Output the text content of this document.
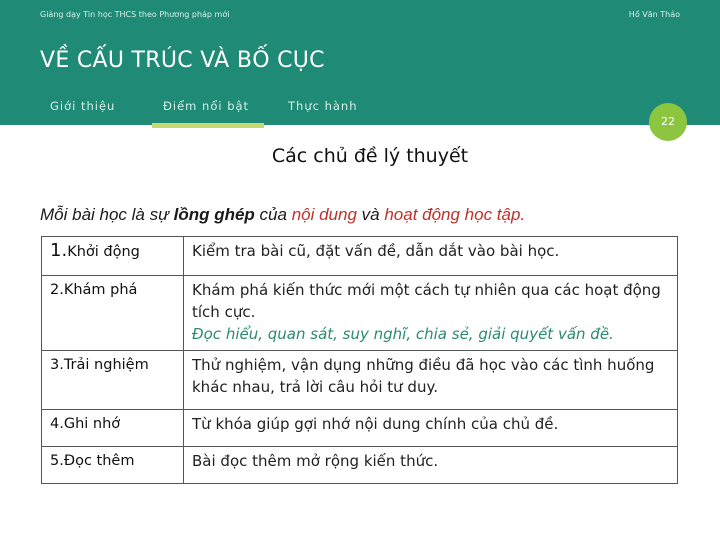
Giảng dạy Tin học THCS theo Phương pháp mới	Hồ Văn Thảo
VỀ CẤU TRÚC VÀ BỐ CỤC
Giới thiệu	Điểm nổi bật	Thực hành
22
Các chủ đề lý thuyết
Mỗi bài học là sự lồng ghép của nội dung và hoạt động học tập.
1.Khởi động	Kiểm tra bài cũ, đặt vấn đề, dẫn dắt vào bài học.
2.Khám phá	Khám phá kiến thức mới một cách tự nhiên qua các hoạt động tích cực.
Đọc hiểu, quan sát, suy nghĩ, chia sẻ, giải quyết vấn đề.

3.Trải nghiệm	Thử nghiệm, vận dụng những điều đã học vào các tình huống khác nhau, trả lời câu hỏi tư duy.
4.Ghi nhớ	Từ khóa giúp gợi nhớ nội dung chính của chủ đề.
5.Đọc thêm	Bài đọc thêm mở rộng kiến thức.
